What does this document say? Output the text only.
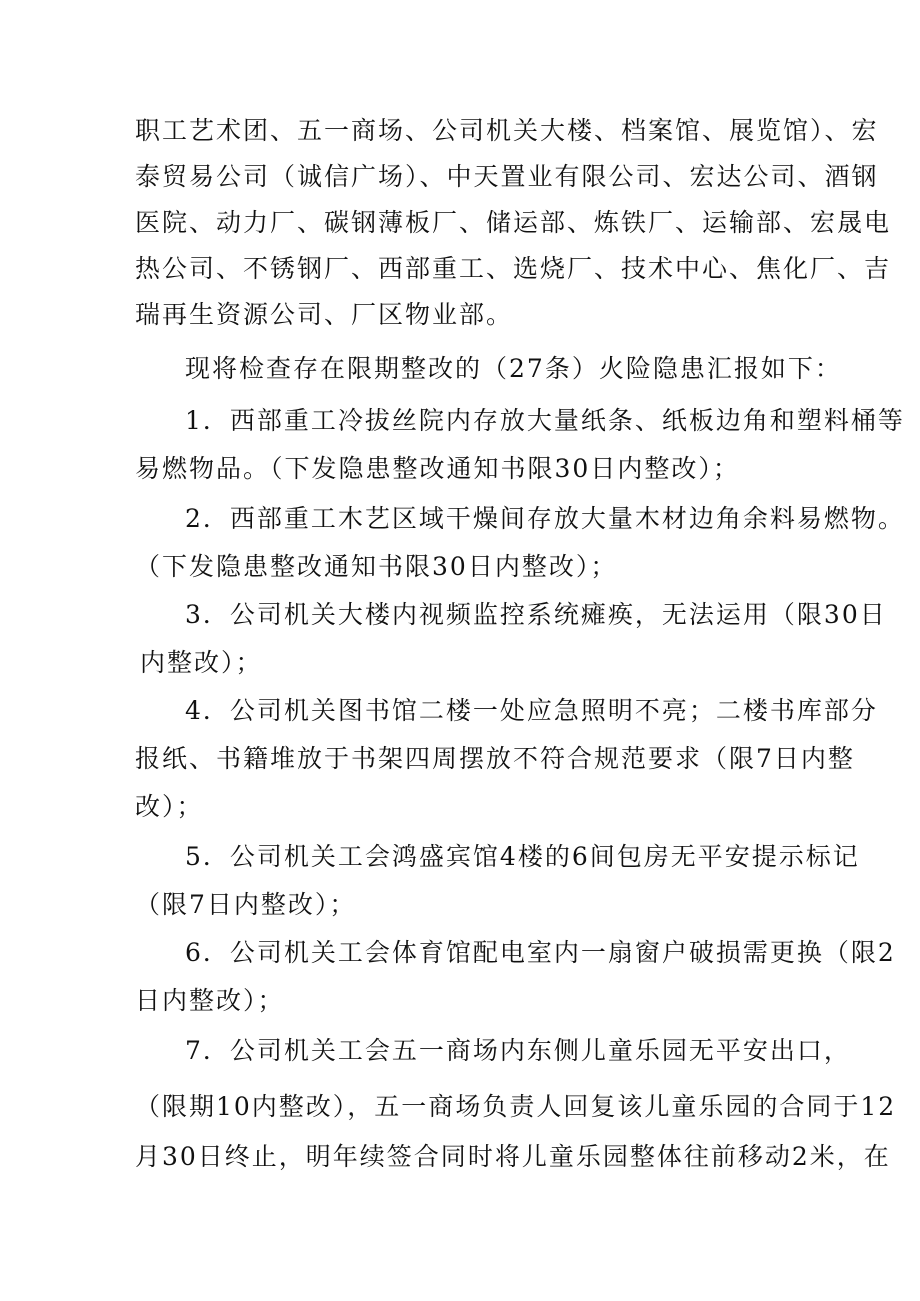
职工艺术团、五一商场、公司机关大楼、档案馆、展览馆）、宏

泰贸易公司（诚信广场）、中天置业有限公司、宏达公司、酒钢

医院、动力厂、碳钢薄板厂、储运部、炼铁厂、运输部、宏晟电

热公司、不锈钢厂、西部重工、选烧厂、技术中心、焦化厂、吉

瑞再生资源公司、厂区物业部。

现将检查存在限期整改的（27条）火险隐患汇报如下：

1．西部重工冷拔丝院内存放大量纸条、纸板边角和塑料桶等

易燃物品。（下发隐患整改通知书限30日内整改）；

2．西部重工木艺区域干燥间存放大量木材边角余料易燃物。

（下发隐患整改通知书限30日内整改）；

3．公司机关大楼内视频监控系统瘫痪，无法运用（限30日

内整改）；

4．公司机关图书馆二楼一处应急照明不亮；二楼书库部分

报纸、书籍堆放于书架四周摆放不符合规范要求（限7日内整

改）；

5．公司机关工会鸿盛宾馆4楼的6间包房无平安提示标记

（限7日内整改）；

6．公司机关工会体育馆配电室内一扇窗户破损需更换（限2

日内整改）；

7．公司机关工会五一商场内东侧儿童乐园无平安出口，

（限期10内整改），五一商场负责人回复该儿童乐园的合同于12

月30日终止，明年续签合同时将儿童乐园整体往前移动2米，在
